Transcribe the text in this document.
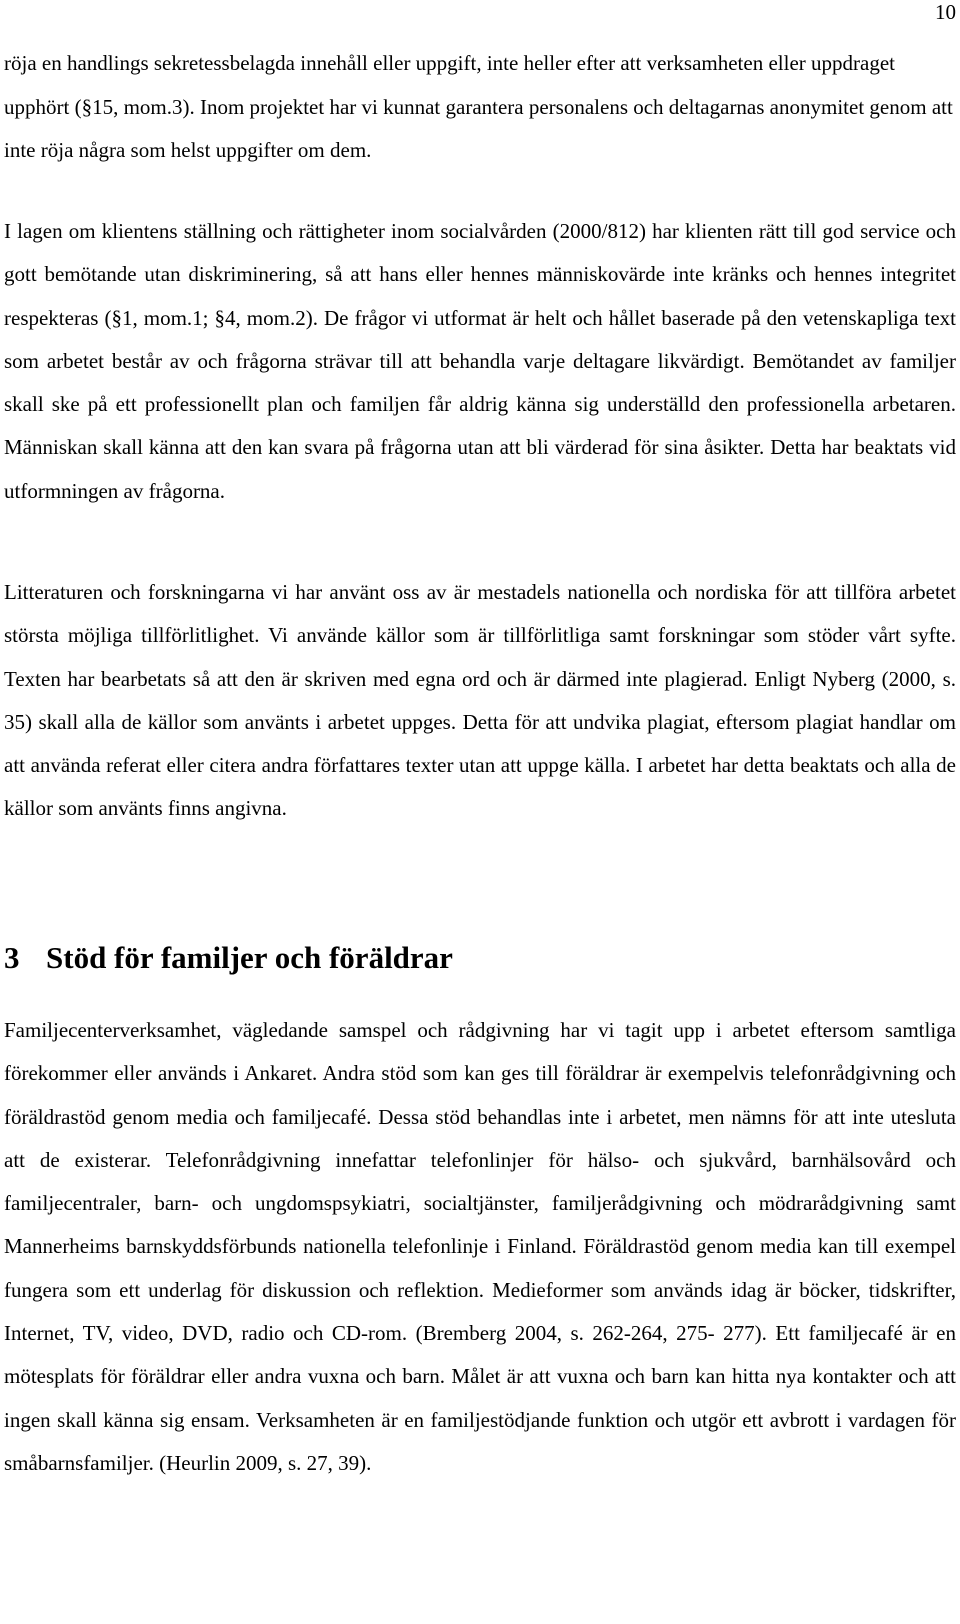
10

röja en handlings sekretessbelagda innehåll eller uppgift, inte heller efter att verksamheten eller uppdraget upphört (§15, mom.3). Inom projektet har vi kunnat garantera personalens och deltagarnas anonymitet genom att inte röja några som helst uppgifter om dem.

I lagen om klientens ställning och rättigheter inom socialvården (2000/812) har klienten rätt till god service och gott bemötande utan diskriminering, så att hans eller hennes människovärde inte kränks och hennes integritet respekteras (§1, mom.1; §4, mom.2). De frågor vi utformat är helt och hållet baserade på den vetenskapliga text som arbetet består av och frågorna strävar till att behandla varje deltagare likvärdigt. Bemötandet av familjer skall ske på ett professionellt plan och familjen får aldrig känna sig underställd den professionella arbetaren. Människan skall känna att den kan svara på frågorna utan att bli värderad för sina åsikter. Detta har beaktats vid utformningen av frågorna.

Litteraturen och forskningarna vi har använt oss av är mestadels nationella och nordiska för att tillföra arbetet största möjliga tillförlitlighet. Vi använde källor som är tillförlitliga samt forskningar som stöder vårt syfte. Texten har bearbetats så att den är skriven med egna ord och är därmed inte plagierad. Enligt Nyberg (2000, s. 35) skall alla de källor som använts i arbetet uppges. Detta för att undvika plagiat, eftersom plagiat handlar om att använda referat eller citera andra författares texter utan att uppge källa. I arbetet har detta beaktats och alla de källor som använts finns angivna.

3 Stöd för familjer och föräldrar

Familjecenterverksamhet, vägledande samspel och rådgivning har vi tagit upp i arbetet eftersom samtliga förekommer eller används i Ankaret. Andra stöd som kan ges till föräldrar är exempelvis telefonrådgivning och föräldrastöd genom media och familjecafé. Dessa stöd behandlas inte i arbetet, men nämns för att inte utesluta att de existerar. Telefonrådgivning innefattar telefonlinjer för hälso- och sjukvård, barnhälsovård och familjecentraler, barn- och ungdomspsykiatri, socialtjänster, familjerådgivning och mödrarådgivning samt Mannerheims barnskyddsförbunds nationella telefonlinje i Finland. Föräldrastöd genom media kan till exempel fungera som ett underlag för diskussion och reflektion. Medieformer som används idag är böcker, tidskrifter, Internet, TV, video, DVD, radio och CD-rom. (Bremberg 2004, s. 262-264, 275- 277). Ett familjecafé är en mötesplats för föräldrar eller andra vuxna och barn. Målet är att vuxna och barn kan hitta nya kontakter och att ingen skall känna sig ensam. Verksamheten är en familjestödjande funktion och utgör ett avbrott i vardagen för småbarnsfamiljer. (Heurlin 2009, s. 27, 39).
